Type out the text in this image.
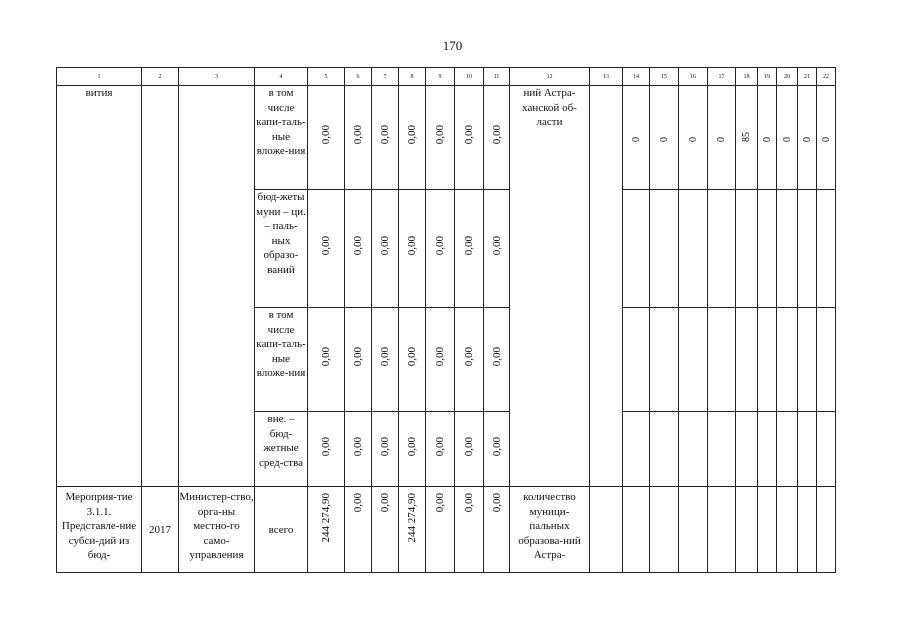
170
1	2	3	4	5	6	7	8	9	10	11	12	13	14	15	16	17	18	19	20	21	22
вития			в том числе капи-таль-ные вложе-ния	0,00	0,00	0,00	0,00	0,00	0,00	0,00	ний Астра-ханской об-ласти		0	0	0	0	85	0	0	0	0
			бюд-жеты муни – ци. – паль-ных образо-ваний	0,00	0,00	0,00	0,00	0,00	0,00	0,00											
			в том числе капи-таль-ные вложе-ния	0,00	0,00	0,00	0,00	0,00	0,00	0,00											
			вне. – бюд-жетные сред-ства	0,00	0,00	0,00	0,00	0,00	0,00	0,00											
Мероприя-тие 3.1.1. Представле-ние субси-дий из бюд-	2017	Министер-ство, орга-ны местно-го само-управления	всего	244 274,90	0,00	0,00	244 274,90	0,00	0,00	0,00	количество муници-пальных образова-ний Астра-										
